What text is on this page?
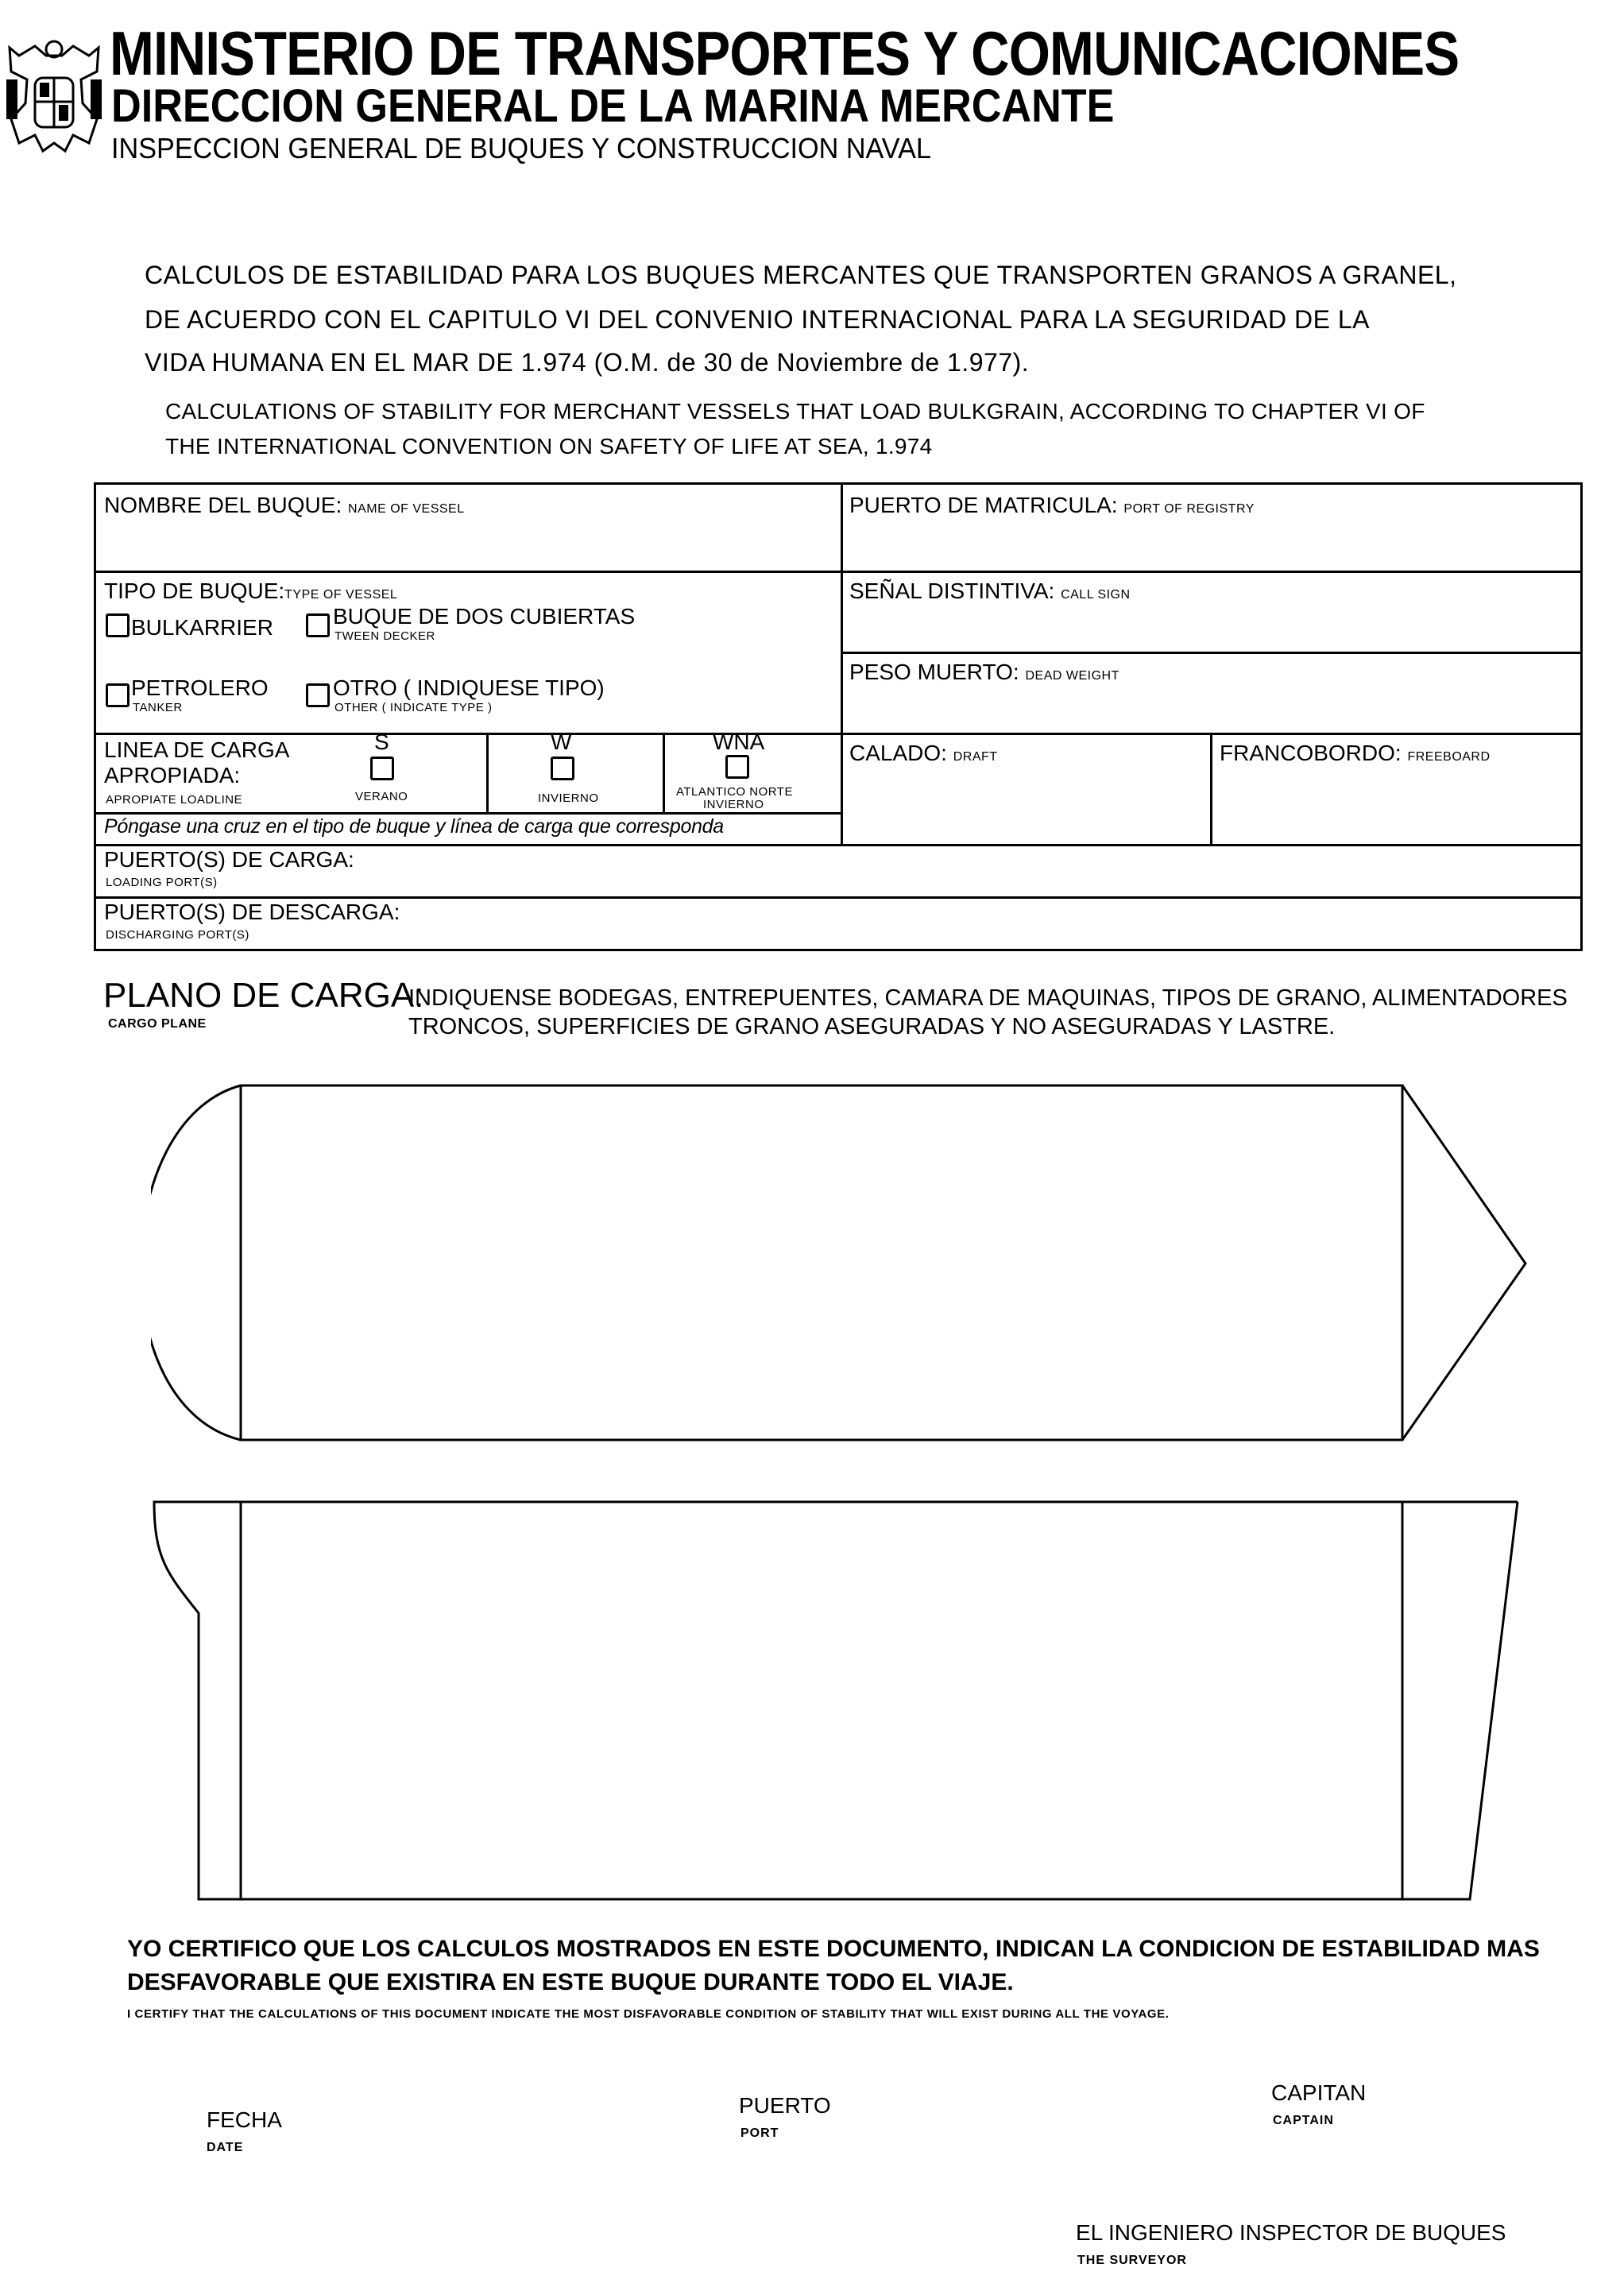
MINISTERIO DE TRANSPORTES Y COMUNICACIONES
DIRECCION GENERAL DE LA MARINA MERCANTE
INSPECCION GENERAL DE BUQUES Y CONSTRUCCION NAVAL
CALCULOS DE ESTABILIDAD PARA LOS BUQUES MERCANTES QUE TRANSPORTEN GRANOS A GRANEL,
DE ACUERDO CON EL CAPITULO VI DEL CONVENIO INTERNACIONAL PARA LA SEGURIDAD DE LA
VIDA HUMANA EN EL MAR DE 1.974 (O.M. de 30 de Noviembre de 1.977).
CALCULATIONS OF STABILITY FOR MERCHANT VESSELS THAT LOAD BULKGRAIN, ACCORDING TO CHAPTER VI OF
THE INTERNATIONAL CONVENTION ON SAFETY OF LIFE AT SEA, 1.974
NOMBRE DEL BUQUE: NAME OF VESSEL	PUERTO DE MATRICULA: PORT OF REGISTRY
TIPO DE BUQUE:TYPE OF VESSEL
BULKARRIER	BUQUE DE DOS CUBIERTAS
TWEEN DECKER
PETROLERO
TANKER
OTRO ( INDIQUESE TIPO)
OTHER ( INDICATE TYPE )
SEÑAL DISTINTIVA: CALL SIGN
PESO MUERTO: DEAD WEIGHT
LINEA DE CARGA
APROPIADA:
APROPIATE LOADLINE
S
VERANO
W
INVIERNO
WNA
ATLANTICO NORTE
INVIERNO
CALADO: DRAFT	FRANCOBORDO: FREEBOARD
Póngase una cruz en el tipo de buque y línea de carga que corresponda
PUERTO(S) DE CARGA:
LOADING PORT(S)
PUERTO(S) DE DESCARGA:
DISCHARGING PORT(S)
PLANO DE CARGA:
CARGO PLANE
INDIQUENSE BODEGAS, ENTREPUENTES, CAMARA DE MAQUINAS, TIPOS DE GRANO, ALIMENTADORES
TRONCOS, SUPERFICIES DE GRANO ASEGURADAS Y NO ASEGURADAS Y LASTRE.
YO CERTIFICO QUE LOS CALCULOS MOSTRADOS EN ESTE DOCUMENTO, INDICAN LA CONDICION DE ESTABILIDAD MAS
DESFAVORABLE QUE EXISTIRA EN ESTE BUQUE DURANTE TODO EL VIAJE.
I CERTIFY THAT THE CALCULATIONS OF THIS DOCUMENT INDICATE THE MOST DISFAVORABLE CONDITION OF STABILITY THAT WILL EXIST DURING ALL THE VOYAGE.
FECHA
DATE
PUERTO
PORT
CAPITAN
CAPTAIN
EL INGENIERO INSPECTOR DE BUQUES
THE SURVEYOR
